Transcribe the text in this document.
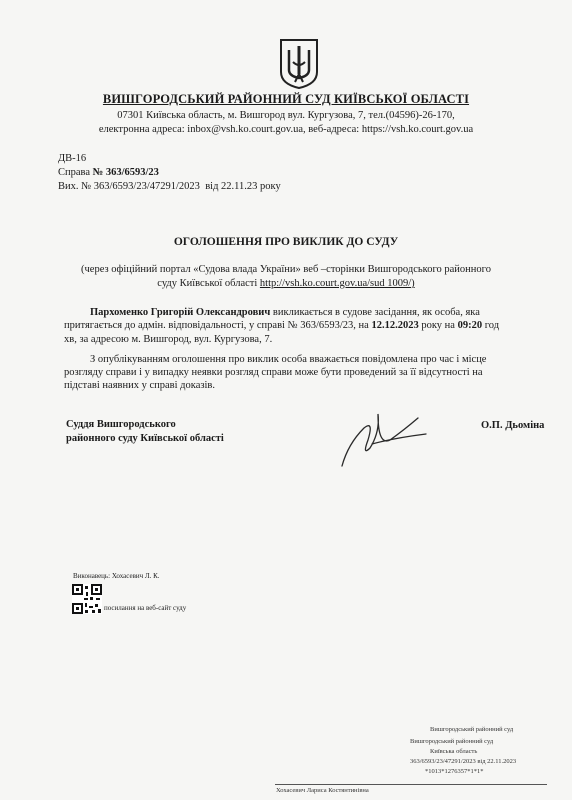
ВИШГОРОДСЬКИЙ РАЙОННИЙ СУД КИЇВСЬКОЇ ОБЛАСТІ
07301 Київська область, м. Вишгород вул. Кургузова, 7, тел.(04596)-26-170,
електронна адреса: inbox@vsh.ko.court.gov.ua, веб-адреса: https://vsh.ko.court.gov.ua
ДВ-16
Справа № 363/6593/23
Вих. № 363/6593/23/47291/2023 від 22.11.23 року
ОГОЛОШЕННЯ ПРО ВИКЛИК ДО СУДУ
(через офіційний портал «Судова влада України» веб –сторінки Вишгородського районного
суду Київської області http://vsh.ko.court.gov.ua/sud 1009/)
Пархоменко Григорій Олександрович викликається в судове засідання, як особа, яка
притягається до адмін. відповідальності, у справі № 363/6593/23, на 12.12.2023 року на 09:20 год
хв, за адресою м. Вишгород, вул. Кургузова, 7.
З опублікуванням оголошення про виклик особа вважається повідомлена про час і місце
розгляду справи і у випадку неявки розгляд справи може бути проведений за її відсутності на
підставі наявних у справі доказів.
Суддя Вишгородського
районного суду Київської області
О.П. Дьоміна
Виконавець: Хохасевич Л. К.
посилання на веб-сайт суду
Вишгородський районний суд
Вишгородський районний суд
Київська область
363/6593/23/47291/2023 від 22.11.2023
*1013*1276357*1*1*
Хохасевич Лариса Костянтинівна
